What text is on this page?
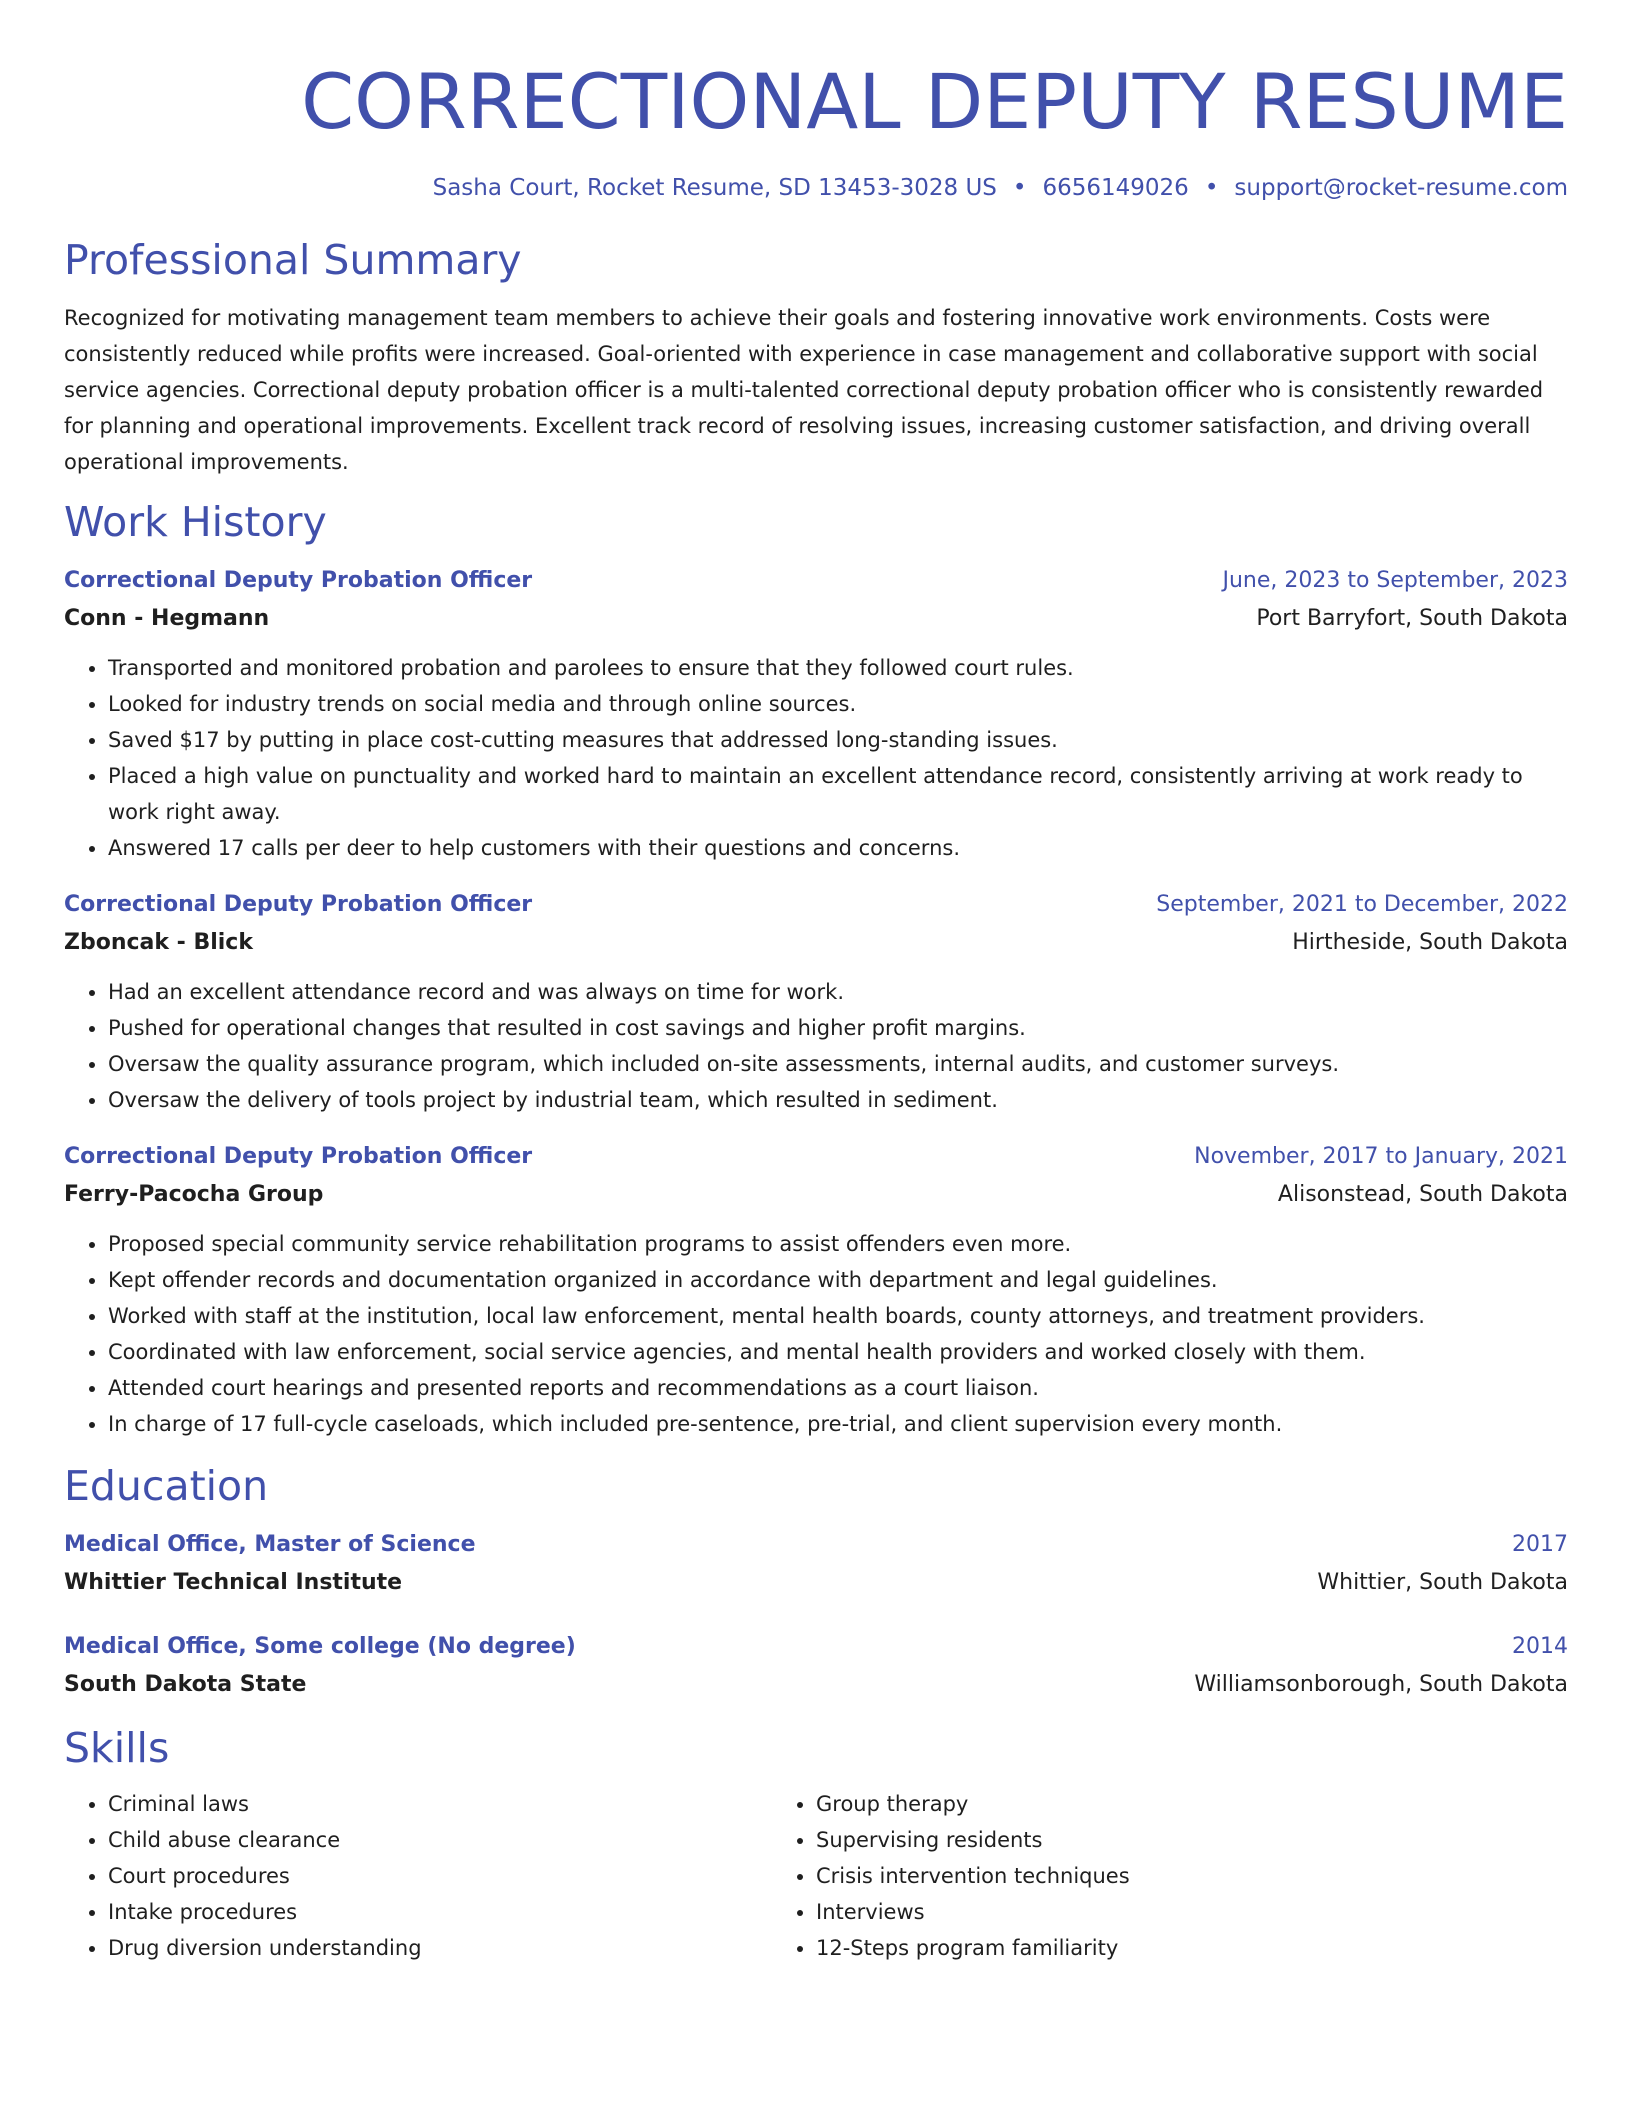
CORRECTIONAL DEPUTY RESUME
Sasha Court, Rocket Resume, SD 13453-3028 US • 6656149026 • support@rocket-resume.com
Professional Summary

Recognized for motivating management team members to achieve their goals and fostering innovative work environments. Costs were consistently reduced while profits were increased. Goal-oriented with experience in case management and collaborative support with social service agencies. Correctional deputy probation officer is a multi-talented correctional deputy probation officer who is consistently rewarded for planning and operational improvements. Excellent track record of resolving issues, increasing customer satisfaction, and driving overall operational improvements.

Work History
Correctional Deputy Probation Officer	June, 2023 to September, 2023
Conn - Hegmann	Port Barryfort, South Dakota
• Transported and monitored probation and parolees to ensure that they followed court rules.
• Looked for industry trends on social media and through online sources.
• Saved $17 by putting in place cost-cutting measures that addressed long-standing issues.
• Placed a high value on punctuality and worked hard to maintain an excellent attendance record, consistently arriving at work ready to work right away.
• Answered 17 calls per deer to help customers with their questions and concerns.
Correctional Deputy Probation Officer	September, 2021 to December, 2022
Zboncak - Blick	Hirtheside, South Dakota
• Had an excellent attendance record and was always on time for work.
• Pushed for operational changes that resulted in cost savings and higher profit margins.
• Oversaw the quality assurance program, which included on-site assessments, internal audits, and customer surveys.
• Oversaw the delivery of tools project by industrial team, which resulted in sediment.
Correctional Deputy Probation Officer	November, 2017 to January, 2021
Ferry-Pacocha Group	Alisonstead, South Dakota
• Proposed special community service rehabilitation programs to assist offenders even more.
• Kept offender records and documentation organized in accordance with department and legal guidelines.
• Worked with staff at the institution, local law enforcement, mental health boards, county attorneys, and treatment providers.
• Coordinated with law enforcement, social service agencies, and mental health providers and worked closely with them.
• Attended court hearings and presented reports and recommendations as a court liaison.
• In charge of 17 full-cycle caseloads, which included pre-sentence, pre-trial, and client supervision every month.
Education
Medical Office, Master of Science	2017
Whittier Technical Institute	Whittier, South Dakota
Medical Office, Some college (No degree)	2014
South Dakota State	Williamsonborough, South Dakota
Skills
• Criminal laws
• Child abuse clearance
• Court procedures
• Intake procedures
• Drug diversion understanding
• Group therapy
• Supervising residents
• Crisis intervention techniques
• Interviews
• 12-Steps program familiarity
